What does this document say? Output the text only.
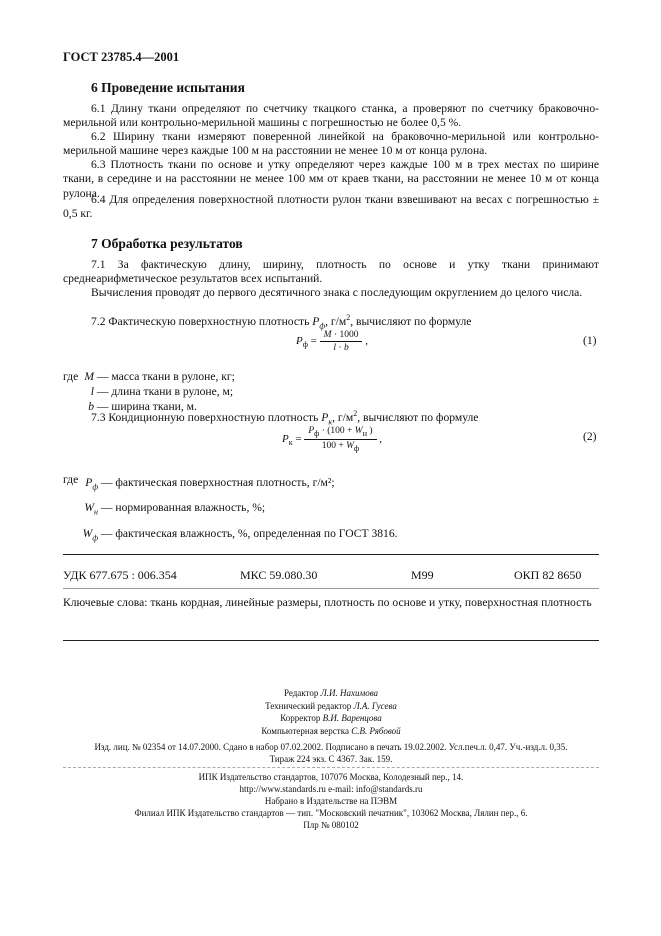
ГОСТ 23785.4—2001
6 Проведение испытания
6.1 Длину ткани определяют по счетчику ткацкого станка, а проверяют по счетчику браковочно-мерильной или контрольно-мерильной машины с погрешностью не более 0,5 %.
6.2 Ширину ткани измеряют поверенной линейкой на браковочно-мерильной или контрольно-мерильной машине через каждые 100 м на расстоянии не менее 10 м от конца рулона.
6.3 Плотность ткани по основе и утку определяют через каждые 100 м в трех местах по ширине ткани, в середине и на расстоянии не менее 100 мм от краев ткани, на расстоянии не менее 10 м от конца рулона.
6.4 Для определения поверхностной плотности рулон ткани взвешивают на весах с погрешностью ± 0,5 кг.
7 Обработка результатов
7.1 За фактическую длину, ширину, плотность по основе и утку ткани принимают среднеарифметическое результатов всех испытаний.
Вычисления проводят до первого десятичного знака с последующим округлением до целого числа.
7.2 Фактическую поверхностную плотность $P_ф$, $г/м^2$, вычисляют по формуле
$P_ф = \frac{M \cdot 1000}{l \cdot b}$ ,	(1)
где M — масса ткани в рулоне, кг;
l — длина ткани в рулоне, м;
b — ширина ткани, м.
7.3 Кондиционную поверхностную плотность $P_к$, $г/м^2$, вычисляют по формуле
$P_к = \frac{P_ф \cdot (100 + W_н )}{100 + W_ф}$ ,	(2)
где $P_ф$ — фактическая поверхностная плотность, г/м²;
$W_н$ — нормированная влажность, %;
$W_ф$ — фактическая влажность, %, определенная по ГОСТ 3816.
УДК 677.675 : 006.354	МКС 59.080.30	М99	ОКП 82 8650
Ключевые слова: ткань кордная, линейные размеры, плотность по основе и утку, поверхностная плотность
Редактор Л.И. Нахимова
Технический редактор Л.А. Гусева
Корректор В.И. Варенцова
Компьютерная верстка С.В. Рябовой
Изд. лиц. № 02354 от 14.07.2000. Сдано в набор 07.02.2002. Подписано в печать 19.02.2002. Усл.печ.л. 0,47. Уч.-изд.л. 0,35.
Тираж 224 экз. С 4367. Зак. 159.
ИПК Издательство стандартов, 107076 Москва, Колодезный пер., 14.
http://www.standards.ru e-mail: info@standards.ru
Набрано в Издательстве на ПЭВМ
Филиал ИПК Издательство стандартов — тип. "Московский печатник", 103062 Москва, Лялин пер., 6.
Плр № 080102
